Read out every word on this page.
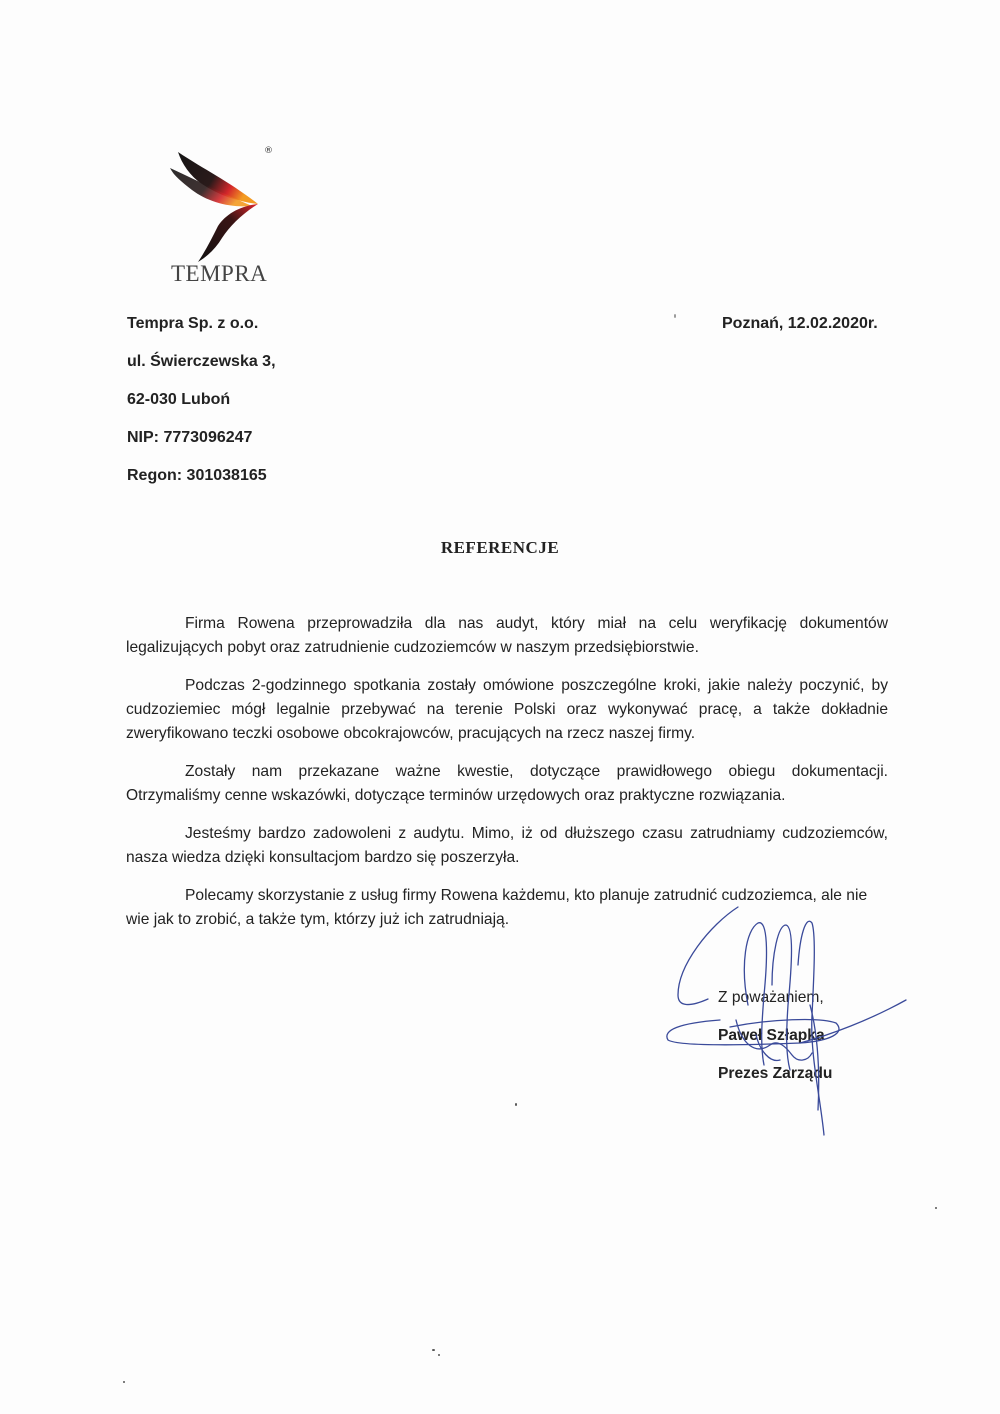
®
TEMPRA
Tempra Sp. z o.o.
ul. Świerczewska 3,
62-030 Luboń
NIP: 7773096247
Regon: 301038165
Poznań, 12.02.2020r.
REFERENCJE

Firma Rowena przeprowadziła dla nas audyt, który miał na celu weryfikację dokumentów legalizujących pobyt oraz zatrudnienie cudzoziemców w naszym przedsiębiorstwie.

Podczas 2-godzinnego spotkania zostały omówione poszczególne kroki, jakie należy poczynić, by cudzoziemiec mógł legalnie przebywać na terenie Polski oraz wykonywać pracę, a także dokładnie zweryfikowano teczki osobowe obcokrajowców, pracujących na rzecz naszej firmy.

Zostały nam przekazane ważne kwestie, dotyczące prawidłowego obiegu dokumentacji. Otrzymaliśmy cenne wskazówki, dotyczące terminów urzędowych oraz praktyczne rozwiązania.

Jesteśmy bardzo zadowoleni z audytu. Mimo, iż od dłuższego czasu zatrudniamy cudzoziemców, nasza wiedza dzięki konsultacjom bardzo się poszerzyła.

Polecamy skorzystanie z usług firmy Rowena każdemu, kto planuje zatrudnić cudzoziemca, ale nie wie jak to zrobić, a także tym, którzy już ich zatrudniają.

Z poważaniem,
Paweł Szłapka
Prezes Zarządu
